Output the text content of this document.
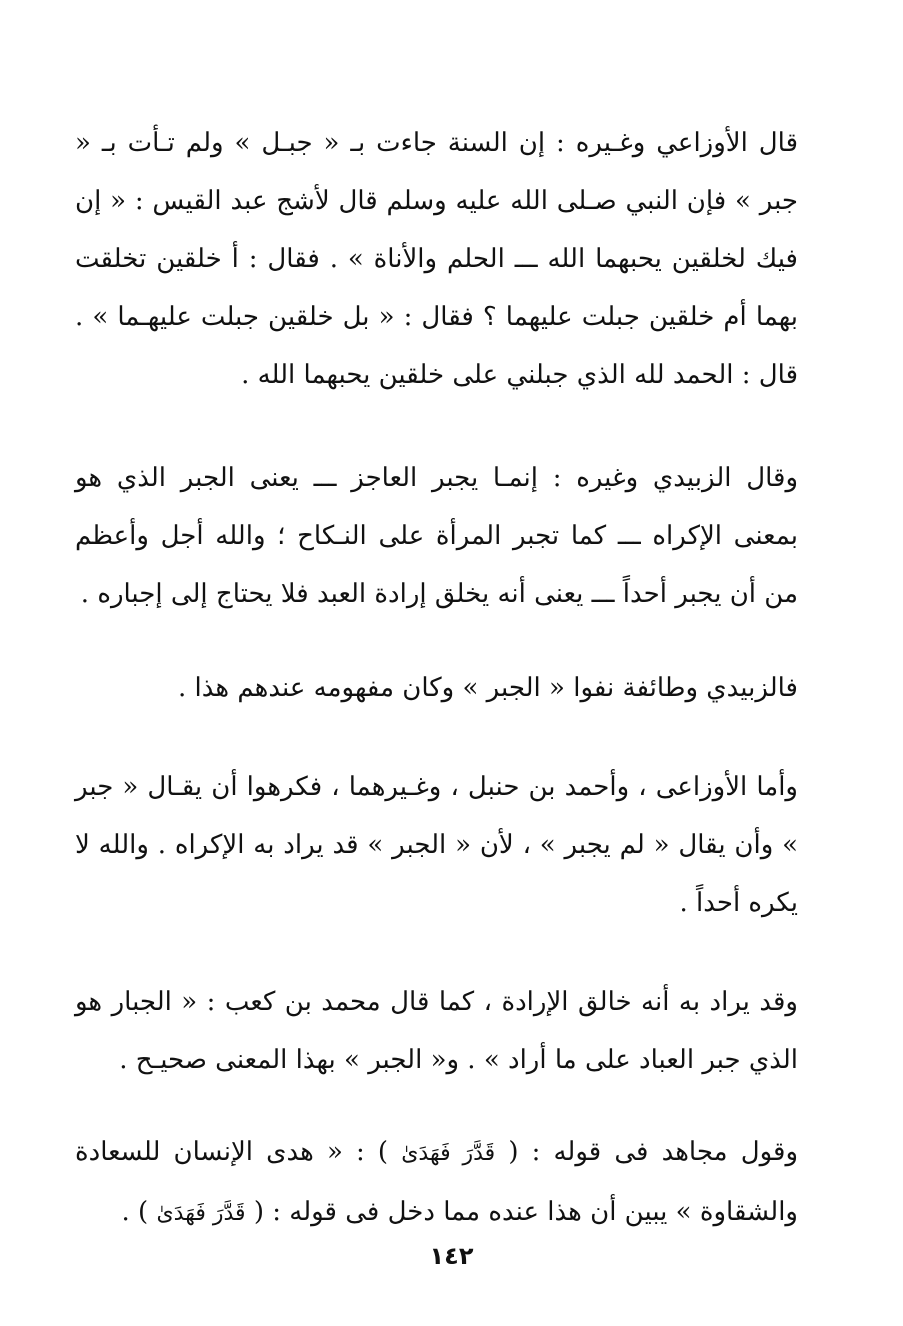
قال الأوزاعي وغـيره : إن السنة جاءت بـ « جبـل » ولم تـأت بـ « جبر » فإن النبي صـلى الله عليه وسلم قال لأشج عبد القيس : « إن فيك لخلقين يحبهما الله ـــ الحلم والأناة » . فقال : أ خلقين تخلقت بهما أم خلقين جبلت عليهما ؟ فقال : « بل خلقين جبلت عليهـما » . قال : الحمد لله الذي جبلني على خلقين يحبهما الله .

وقال الزبيدي وغيره : إنمـا يجبر العاجز ـــ يعنى الجبر الذي هو بمعنى الإكراه ـــ كما تجبر المرأة على النـكاح ؛ والله أجل وأعظم من أن يجبر أحداً ـــ يعنى أنه يخلق إرادة العبد فلا يحتاج إلى إجباره .

فالزبيدي وطائفة نفوا « الجبر » وكان مفهومه عندهم هذا .

وأما الأوزاعى ، وأحمد بن حنبل ، وغـيرهما ، فكرهوا أن يقـال « جبر » وأن يقال « لم يجبر » ، لأن « الجبر » قد يراد به الإكراه . والله لا يكره أحداً .

وقد يراد به أنه خالق الإرادة ، كما قال محمد بن كعب : « الجبار هو الذي جبر العباد على ما أراد » . و« الجبر » بهذا المعنى صحيـح .

وقول مجاهد فى قوله : ( قَدَّرَ فَهَدَىٰ ) : « هدى الإنسان للسعادة والشقاوة » يبين أن هذا عنده مما دخل فى قوله : ( قَدَّرَ فَهَدَىٰ ) .

١٤٢
